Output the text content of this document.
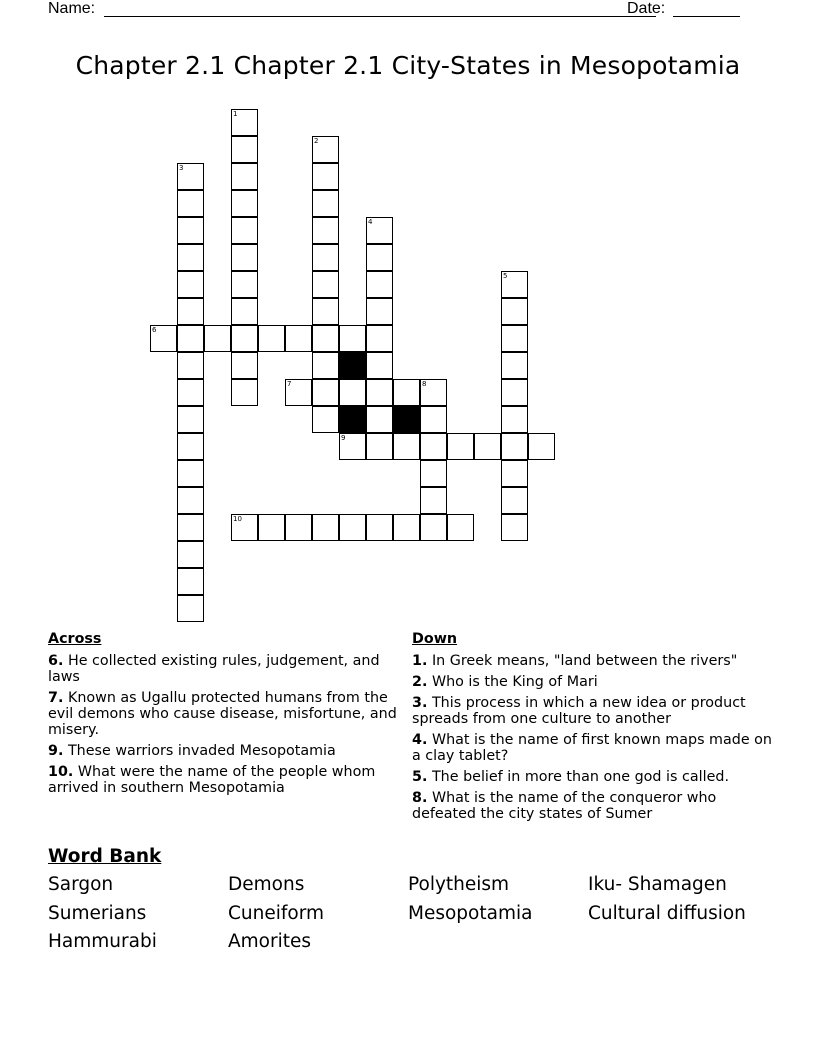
Name:	Date:
Chapter 2.1 Chapter 2.1 City-States in Mesopotamia
1
2
3
4
5
6
7	8
9
10
Across
6. He collected existing rules, judgement, and laws
7. Known as Ugallu protected humans from the evil demons who cause disease, misfortune, and misery.
9. These warriors invaded Mesopotamia
10. What were the name of the people whom arrived in southern Mesopotamia
Down
1. In Greek means, "land between the rivers"
2. Who is the King of Mari
3. This process in which a new idea or product spreads from one culture to another
4. What is the name of first known maps made on a clay tablet?
5. The belief in more than one god is called.
8. What is the name of the conqueror who defeated the city states of Sumer
Word Bank
Sargon	Demons	Polytheism	Iku- Shamagen
Sumerians	Cuneiform	Mesopotamia	Cultural diffusion
Hammurabi	Amorites
